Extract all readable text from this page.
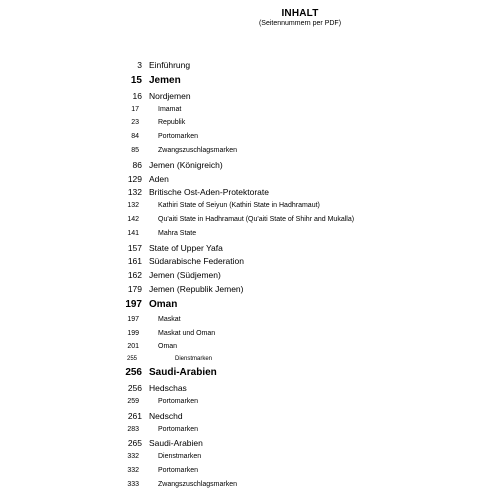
INHALT
(Seitennummern per PDF)
3 Einführung
15 Jemen
16 Nordjemen
17	Imamat
23	Republik
84	Portomarken
85	Zwangszuschlagsmarken
86 Jemen (Königreich)
129 Aden
132 Britische Ost-Aden-Protektorate
132	Kathiri State of Seiyun (Kathiri State in Hadhramaut)
142	Qu'aiti State in Hadhramaut (Qu'aiti State of Shihr and Mukalla)
141	Mahra State
157 State of Upper Yafa
161 Südarabische Federation
162 Jemen (Südjemen)
179 Jemen (Republik Jemen)
197 Oman
197	Maskat
199	Maskat und Oman
201	Oman
255	Dienstmarken
256 Saudi-Arabien
256 Hedschas
259	Portomarken
261 Nedschd
283	Portomarken
265 Saudi-Arabien
332	Dienstmarken
332	Portomarken
333	Zwangszuschlagsmarken
